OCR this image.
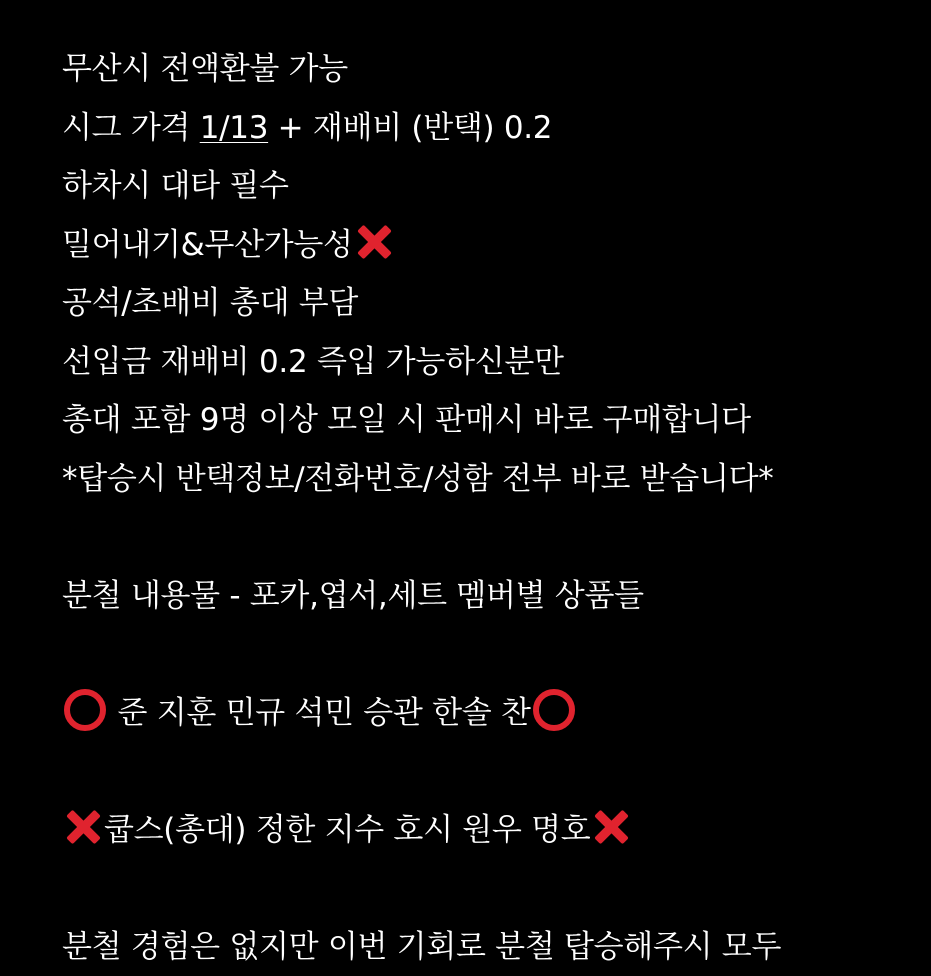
무산시 전액환불 가능
시그 가격 1/13 + 재배비 (반택) 0.2
하차시 대타 필수
밀어내기&무산가능성
공석/초배비 총대 부담
선입금 재배비 0.2 즉입 가능하신분만
총대 포함 9명 이상 모일 시 판매시 바로 구매합니다
*탑승시 반택정보/전화번호/성함 전부 바로 받습니다*
분철 내용물 - 포카,엽서,세트 멤버별 상품들
준 지훈 민규 석민 승관 한솔 찬
쿱스(총대) 정한 지수 호시 원우 명호
분철 경험은 없지만 이번 기회로 분철 탑승해주시 모두
